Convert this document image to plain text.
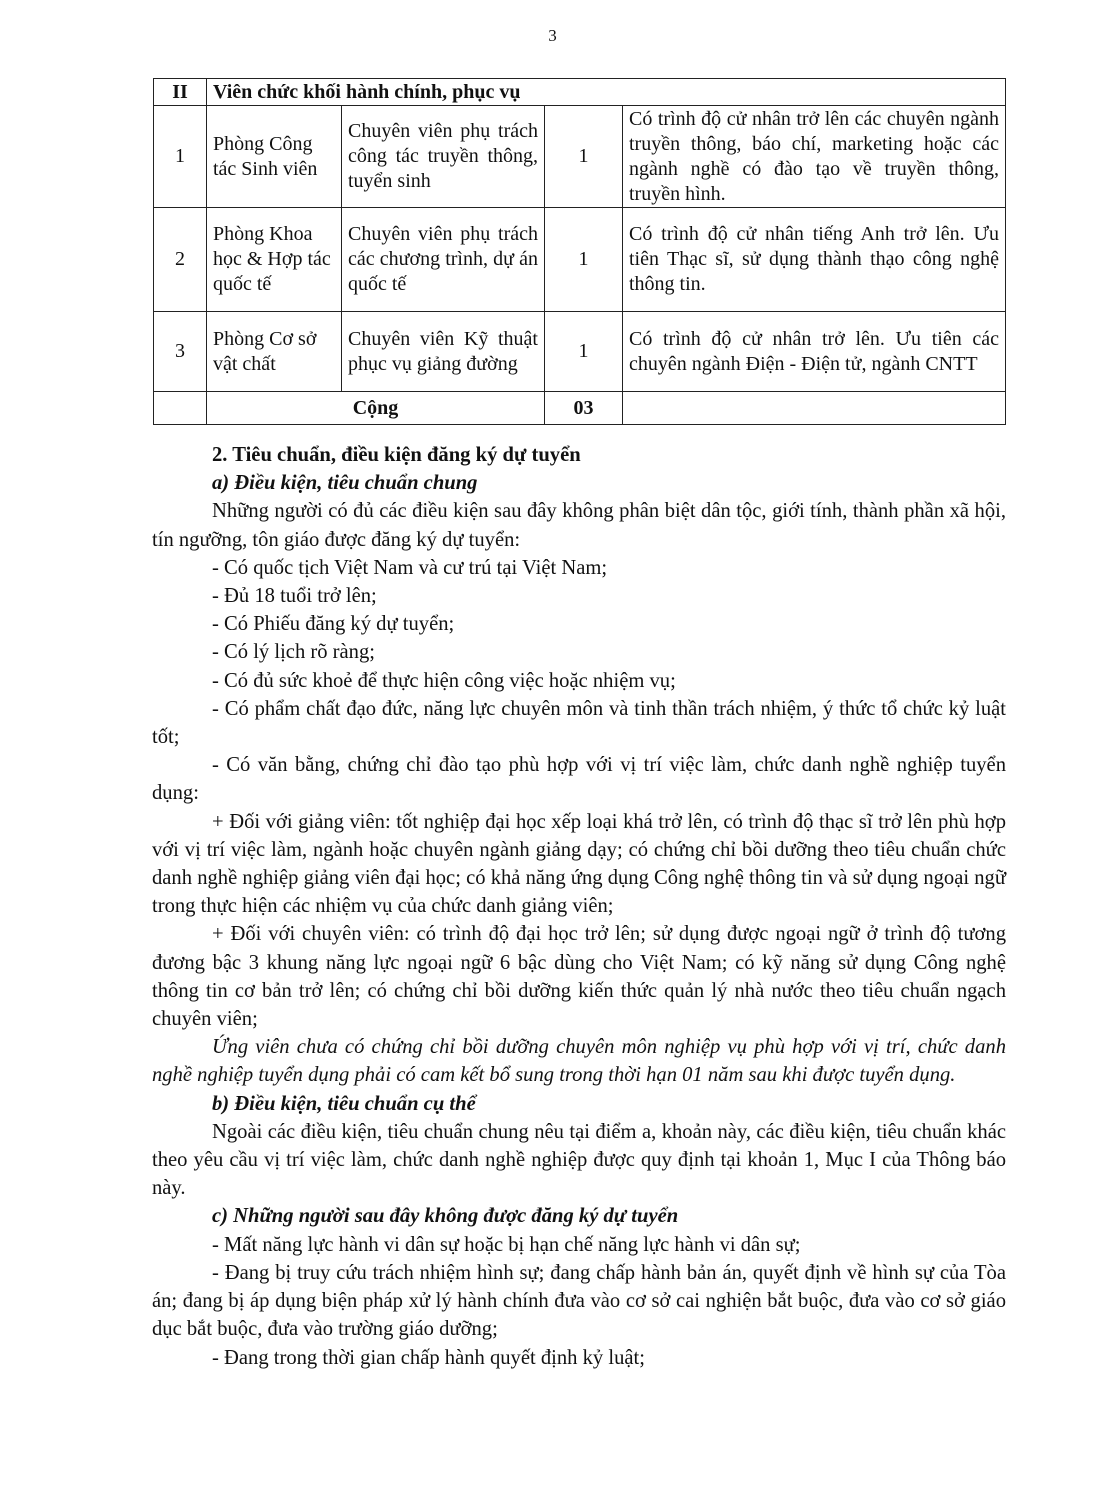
3
II	Viên chức khối hành chính, phục vụ			
1	Phòng Công tác Sinh viên	Chuyên viên phụ trách công tác truyền thông, tuyển sinh	1	Có trình độ cử nhân trở lên các chuyên ngành truyền thông, báo chí, marketing hoặc các ngành nghề có đào tạo về truyền thông, truyền hình.
2	Phòng Khoa học & Hợp tác quốc tế	Chuyên viên phụ trách các chương trình, dự án quốc tế	1	Có trình độ cử nhân tiếng Anh trở lên. Ưu tiên Thạc sĩ, sử dụng thành thạo công nghệ thông tin.
3	Phòng Cơ sở vật chất	Chuyên viên Kỹ thuật phục vụ giảng đường	1	Có trình độ cử nhân trở lên. Ưu tiên các chuyên ngành Điện - Điện tử, ngành CNTT
	Cộng		03	

2. Tiêu chuẩn, điều kiện đăng ký dự tuyển

a) Điều kiện, tiêu chuẩn chung

Những người có đủ các điều kiện sau đây không phân biệt dân tộc, giới tính, thành phần xã hội, tín ngưỡng, tôn giáo được đăng ký dự tuyển:

- Có quốc tịch Việt Nam và cư trú tại Việt Nam;

- Đủ 18 tuổi trở lên;

- Có Phiếu đăng ký dự tuyển;

- Có lý lịch rõ ràng;

- Có đủ sức khoẻ để thực hiện công việc hoặc nhiệm vụ;

- Có phẩm chất đạo đức, năng lực chuyên môn và tinh thần trách nhiệm, ý thức tổ chức kỷ luật tốt;

- Có văn bằng, chứng chỉ đào tạo phù hợp với vị trí việc làm, chức danh nghề nghiệp tuyển dụng:

+ Đối với giảng viên: tốt nghiệp đại học xếp loại khá trở lên, có trình độ thạc sĩ trở lên phù hợp với vị trí việc làm, ngành hoặc chuyên ngành giảng dạy; có chứng chỉ bồi dưỡng theo tiêu chuẩn chức danh nghề nghiệp giảng viên đại học; có khả năng ứng dụng Công nghệ thông tin và sử dụng ngoại ngữ trong thực hiện các nhiệm vụ của chức danh giảng viên;

+ Đối với chuyên viên: có trình độ đại học trở lên; sử dụng được ngoại ngữ ở trình độ tương đương bậc 3 khung năng lực ngoại ngữ 6 bậc dùng cho Việt Nam; có kỹ năng sử dụng Công nghệ thông tin cơ bản trở lên; có chứng chỉ bồi dưỡng kiến thức quản lý nhà nước theo tiêu chuẩn ngạch chuyên viên;

Ứng viên chưa có chứng chỉ bồi dưỡng chuyên môn nghiệp vụ phù hợp với vị trí, chức danh nghề nghiệp tuyển dụng phải có cam kết bổ sung trong thời hạn 01 năm sau khi được tuyển dụng.

b) Điều kiện, tiêu chuẩn cụ thể

Ngoài các điều kiện, tiêu chuẩn chung nêu tại điểm a, khoản này, các điều kiện, tiêu chuẩn khác theo yêu cầu vị trí việc làm, chức danh nghề nghiệp được quy định tại khoản 1, Mục I của Thông báo này.

c) Những người sau đây không được đăng ký dự tuyển

- Mất năng lực hành vi dân sự hoặc bị hạn chế năng lực hành vi dân sự;

- Đang bị truy cứu trách nhiệm hình sự; đang chấp hành bản án, quyết định về hình sự của Tòa án; đang bị áp dụng biện pháp xử lý hành chính đưa vào cơ sở cai nghiện bắt buộc, đưa vào cơ sở giáo dục bắt buộc, đưa vào trường giáo dưỡng;

- Đang trong thời gian chấp hành quyết định kỷ luật;
